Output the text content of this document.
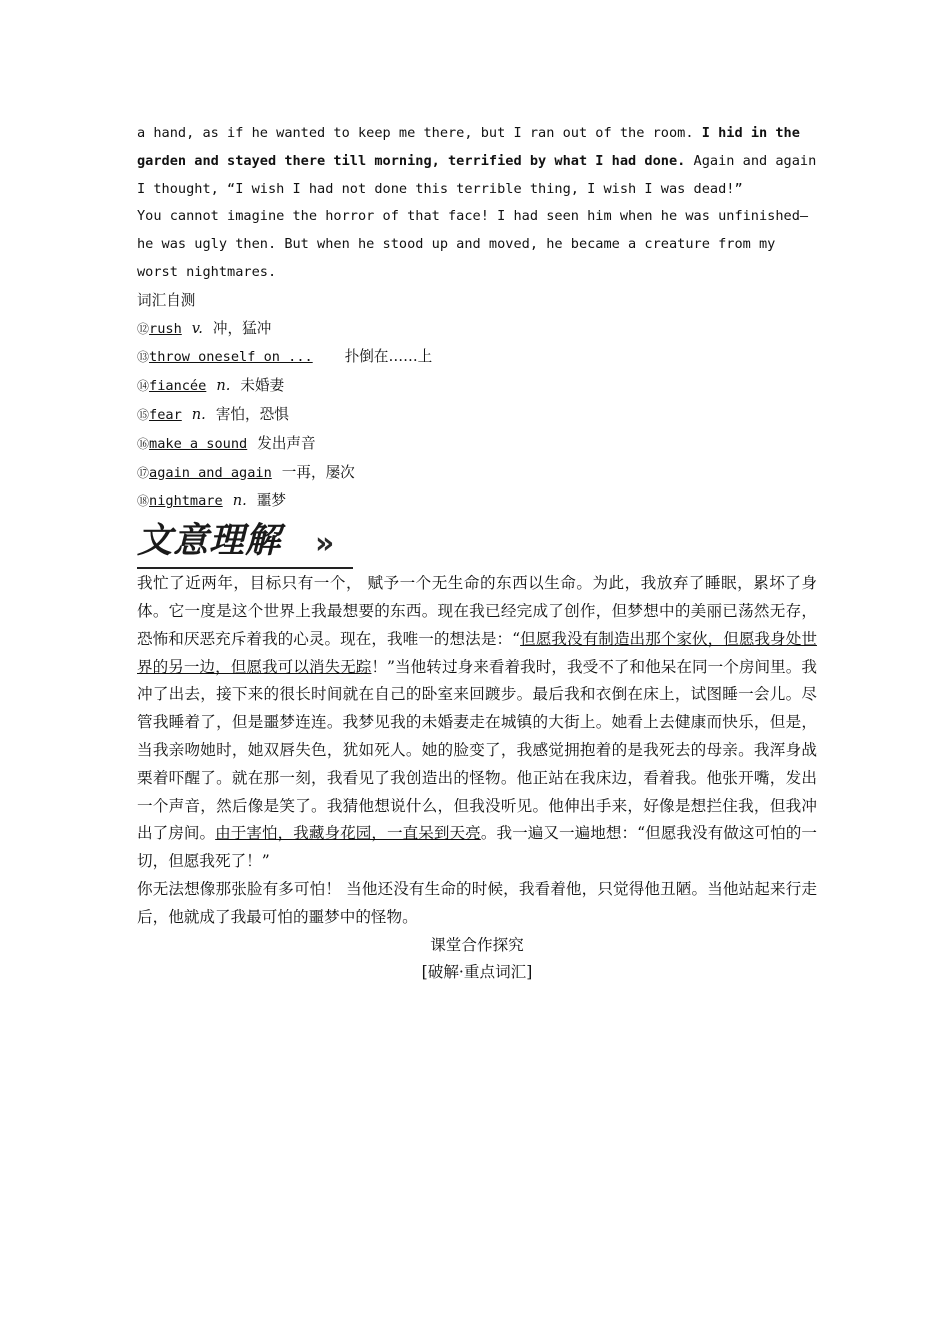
a hand, as if he wanted to keep me there, but I ran out of the room. I hid in the garden and stayed there till morning, terrified by what I had done. Again and again I thought, “I wish I had not done this terrible thing, I wish I was dead!”
You cannot imagine the horror of that face! I had seen him when he was unfinished—he was ugly then. But when he stood up and moved, he became a creature from my worst nightmares.
词汇自测
⑫rush v. 冲，猛冲
⑬throw oneself on ... 扑倒在……上
⑭fiancée n. 未婚妻
⑮fear n. 害怕，恐惧
⑯make a sound 发出声音
⑰again and again 一再，屡次
⑱nightmare n. 噩梦
文意理解 »
我忙了近两年，目标只有一个， 赋予一个无生命的东西以生命。为此，我放弃了睡眠，累坏了身体。它一度是这个世界上我最想要的东西。现在我已经完成了创作，但梦想中的美丽已荡然无存，恐怖和厌恶充斥着我的心灵。现在，我唯一的想法是：“但愿我没有制造出那个家伙，但愿我身处世界的另一边，但愿我可以消失无踪！”当他转过身来看着我时，我受不了和他呆在同一个房间里。我冲了出去，接下来的很长时间就在自己的卧室来回踱步。最后我和衣倒在床上，试图睡一会儿。尽管我睡着了，但是噩梦连连。我梦见我的未婚妻走在城镇的大街上。她看上去健康而快乐，但是，当我亲吻她时，她双唇失色，犹如死人。她的脸变了，我感觉拥抱着的是我死去的母亲。我浑身战栗着吓醒了。就在那一刻，我看见了我创造出的怪物。他正站在我床边，看着我。他张开嘴，发出一个声音，然后像是笑了。我猜他想说什么，但我没听见。他伸出手来，好像是想拦住我，但我冲出了房间。由于害怕，我藏身花园，一直呆到天亮。我一遍又一遍地想：“但愿我没有做这可怕的一切，但愿我死了！”
你无法想像那张脸有多可怕！ 当他还没有生命的时候，我看着他，只觉得他丑陋。当他站起来行走后，他就成了我最可怕的噩梦中的怪物。
课堂合作探究
[破解·重点词汇]
